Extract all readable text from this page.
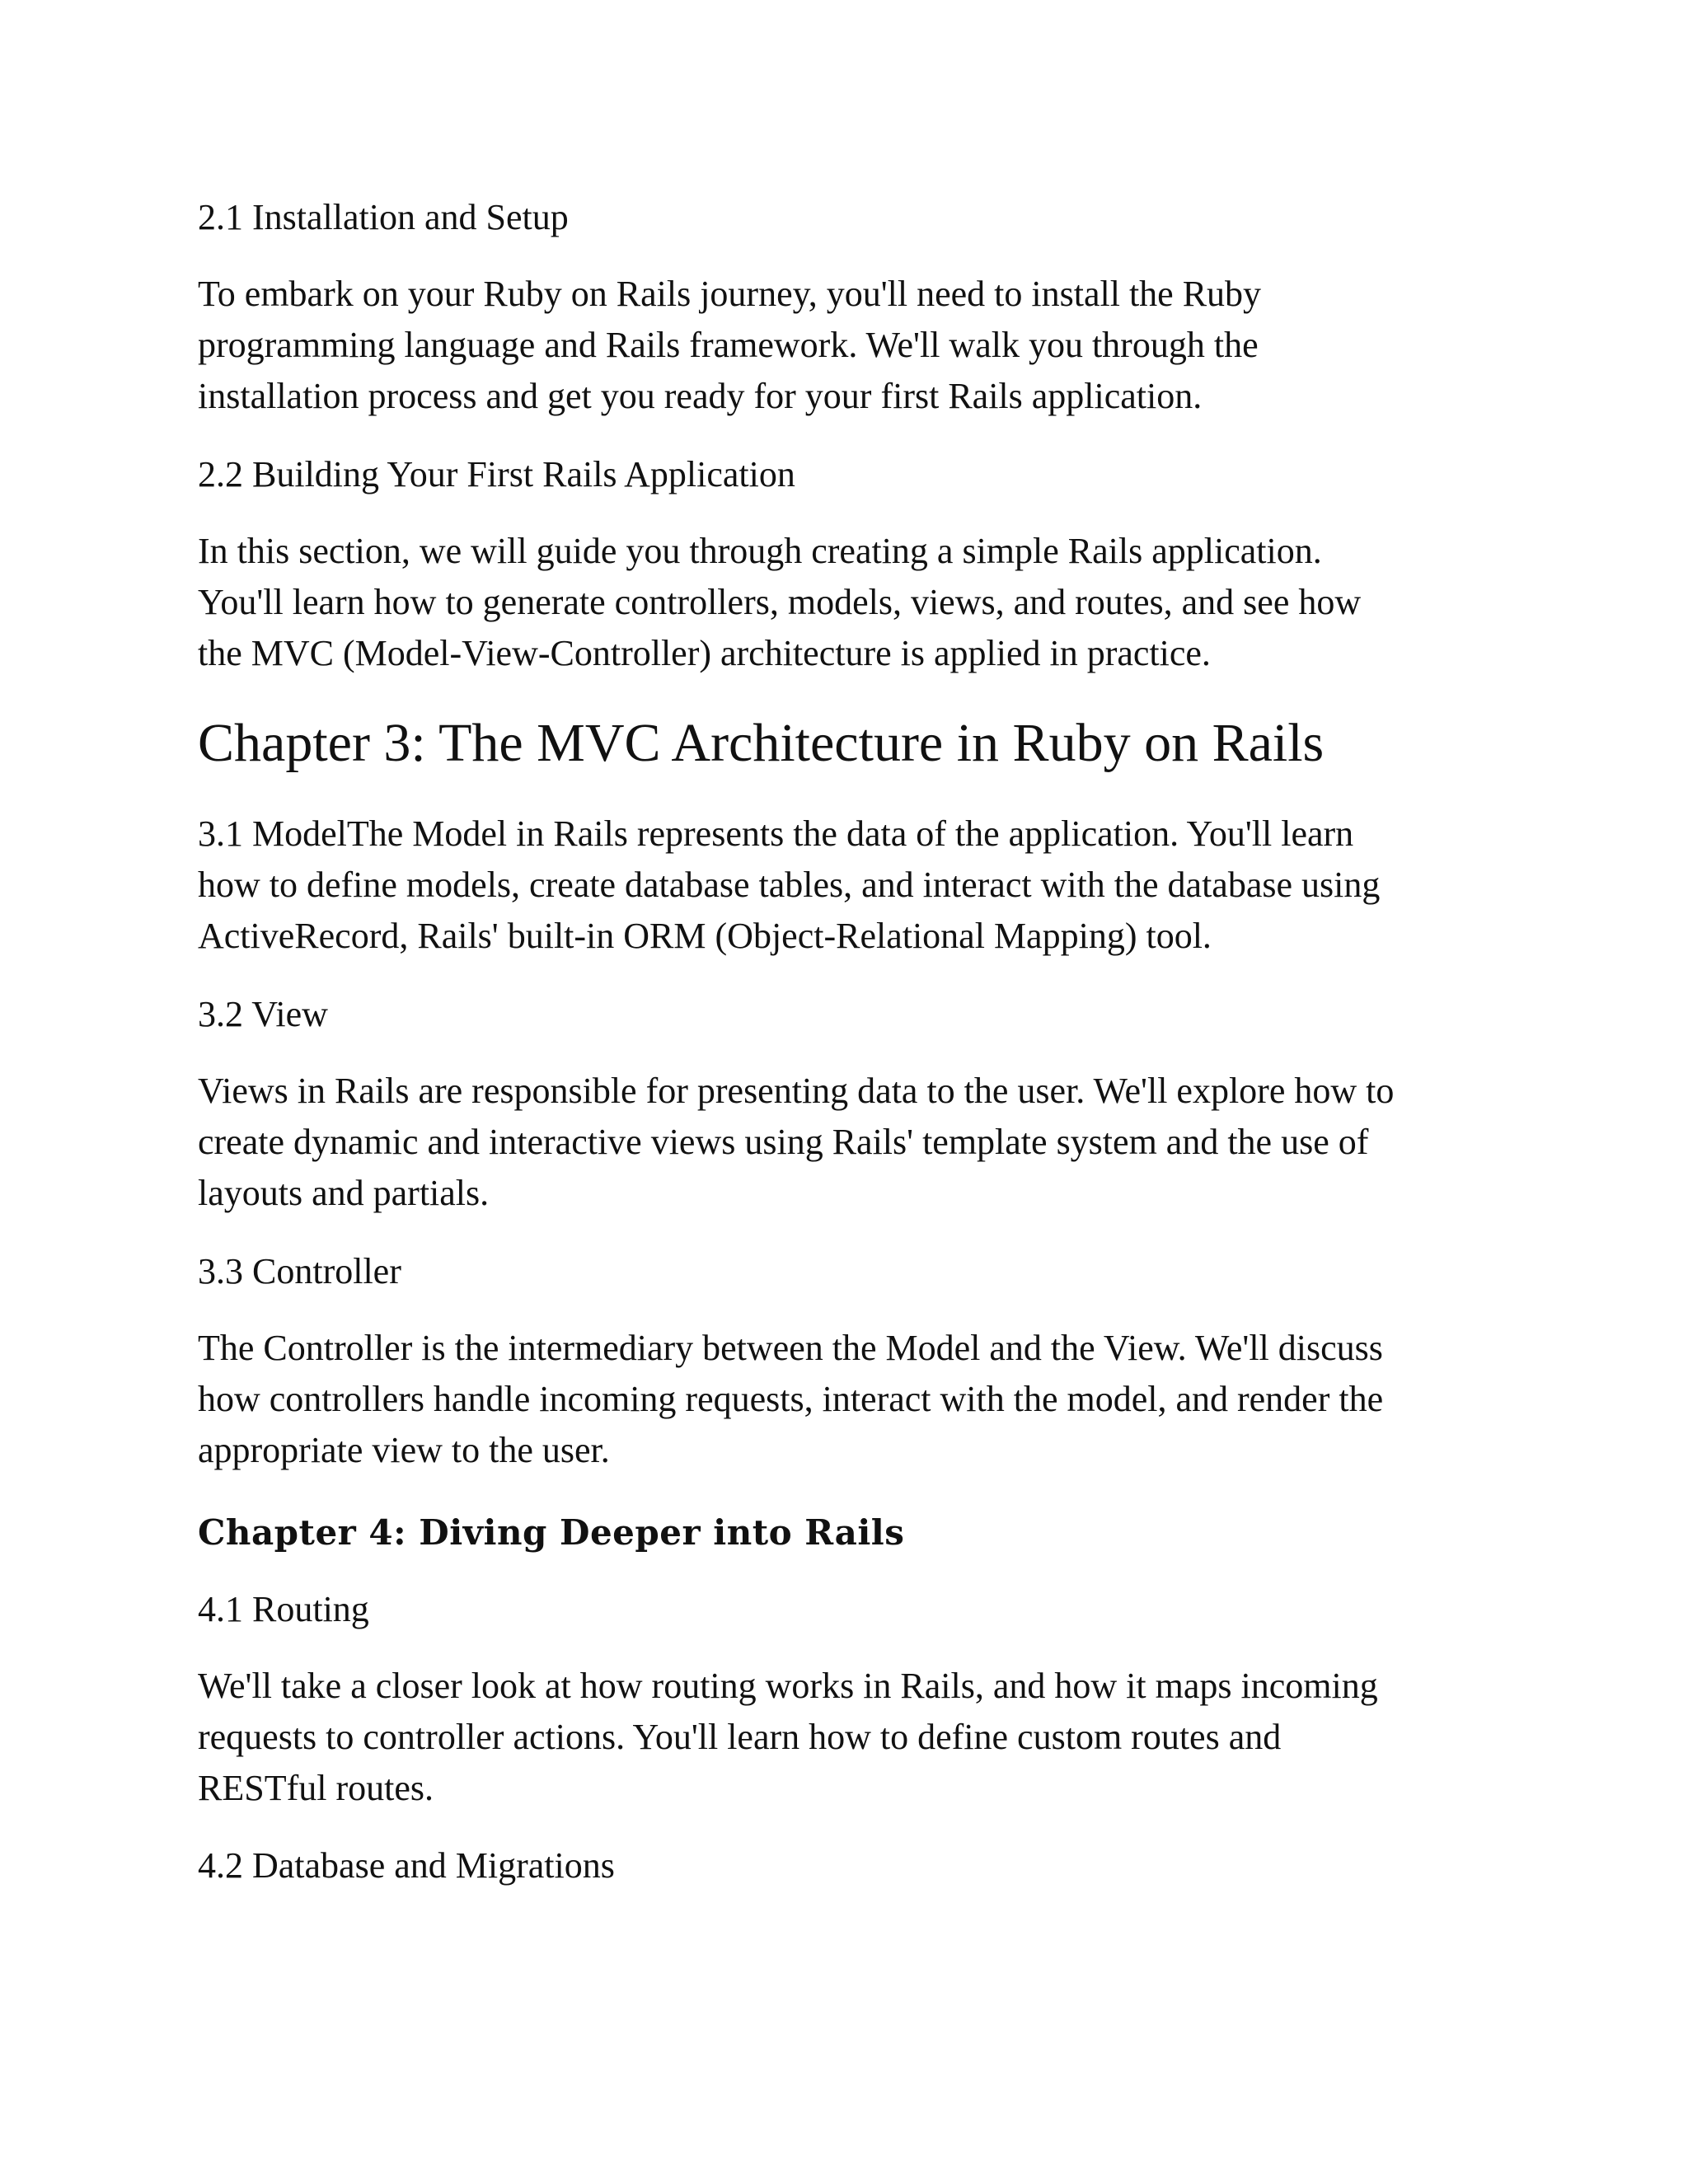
2.1 Installation and Setup

To embark on your Ruby on Rails journey, you'll need to install the Ruby
programming language and Rails framework. We'll walk you through the
installation process and get you ready for your first Rails application.

2.2 Building Your First Rails Application

In this section, we will guide you through creating a simple Rails application.
You'll learn how to generate controllers, models, views, and routes, and see how
the MVC (Model-View-Controller) architecture is applied in practice.

Chapter 3: The MVC Architecture in Ruby on Rails

3.1 ModelThe Model in Rails represents the data of the application. You'll learn
how to define models, create database tables, and interact with the database using
ActiveRecord, Rails' built-in ORM (Object-Relational Mapping) tool.

3.2 View

Views in Rails are responsible for presenting data to the user. We'll explore how to
create dynamic and interactive views using Rails' template system and the use of
layouts and partials.

3.3 Controller

The Controller is the intermediary between the Model and the View. We'll discuss
how controllers handle incoming requests, interact with the model, and render the
appropriate view to the user.

Chapter 4: Diving Deeper into Rails

4.1 Routing

We'll take a closer look at how routing works in Rails, and how it maps incoming
requests to controller actions. You'll learn how to define custom routes and
RESTful routes.

4.2 Database and Migrations
